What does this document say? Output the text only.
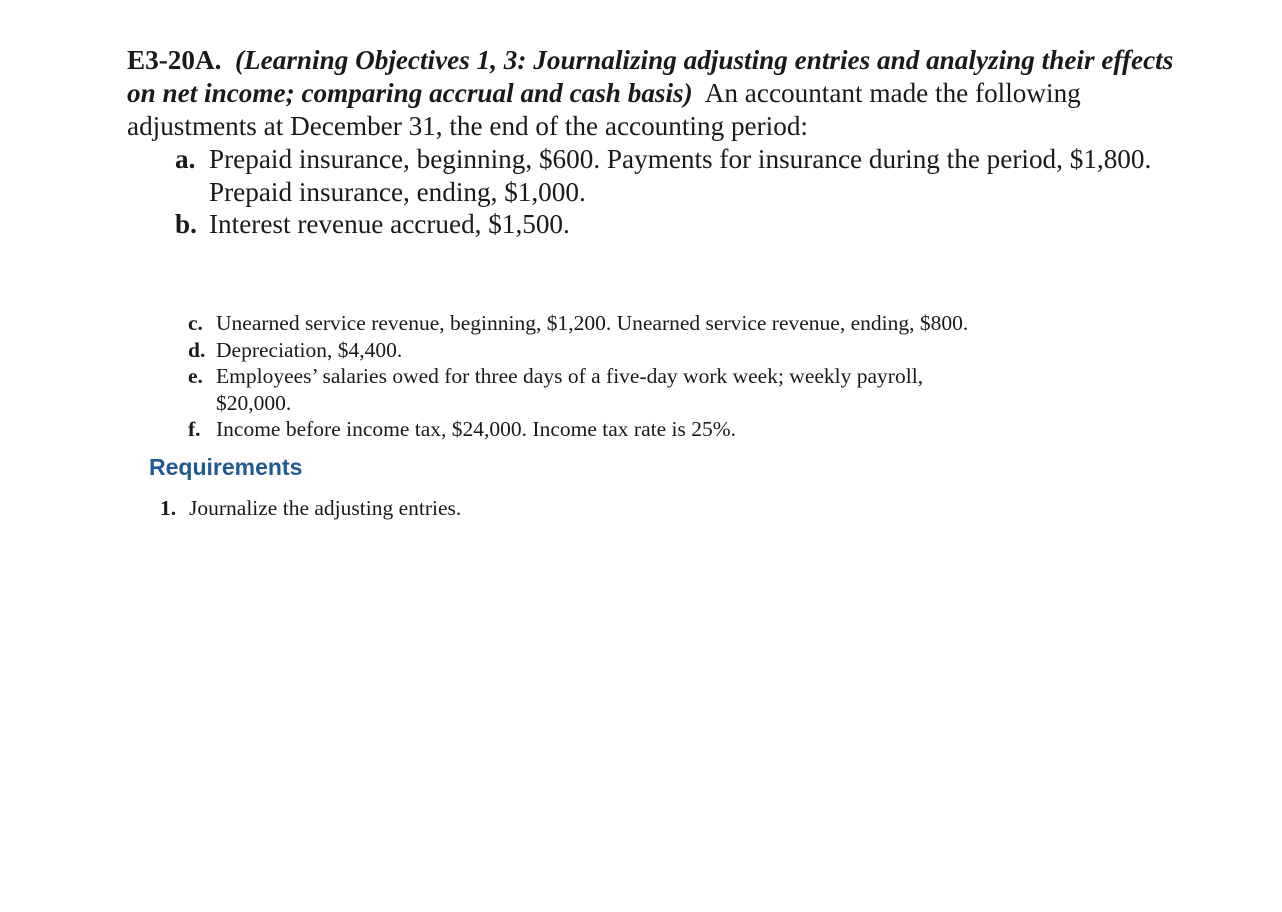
E3-20A. (Learning Objectives 1, 3: Journalizing adjusting entries and analyzing their effects on net income; comparing accrual and cash basis) An accountant made the following adjustments at December 31, the end of the accounting period:
a. Prepaid insurance, beginning, $600. Payments for insurance during the period, $1,800. Prepaid insurance, ending, $1,000.
b. Interest revenue accrued, $1,500.
c. Unearned service revenue, beginning, $1,200. Unearned service revenue, ending, $800.
d. Depreciation, $4,400.
e. Employees’ salaries owed for three days of a five-day work week; weekly payroll, $20,000.
f. Income before income tax, $24,000. Income tax rate is 25%.
Requirements
1. Journalize the adjusting entries.
